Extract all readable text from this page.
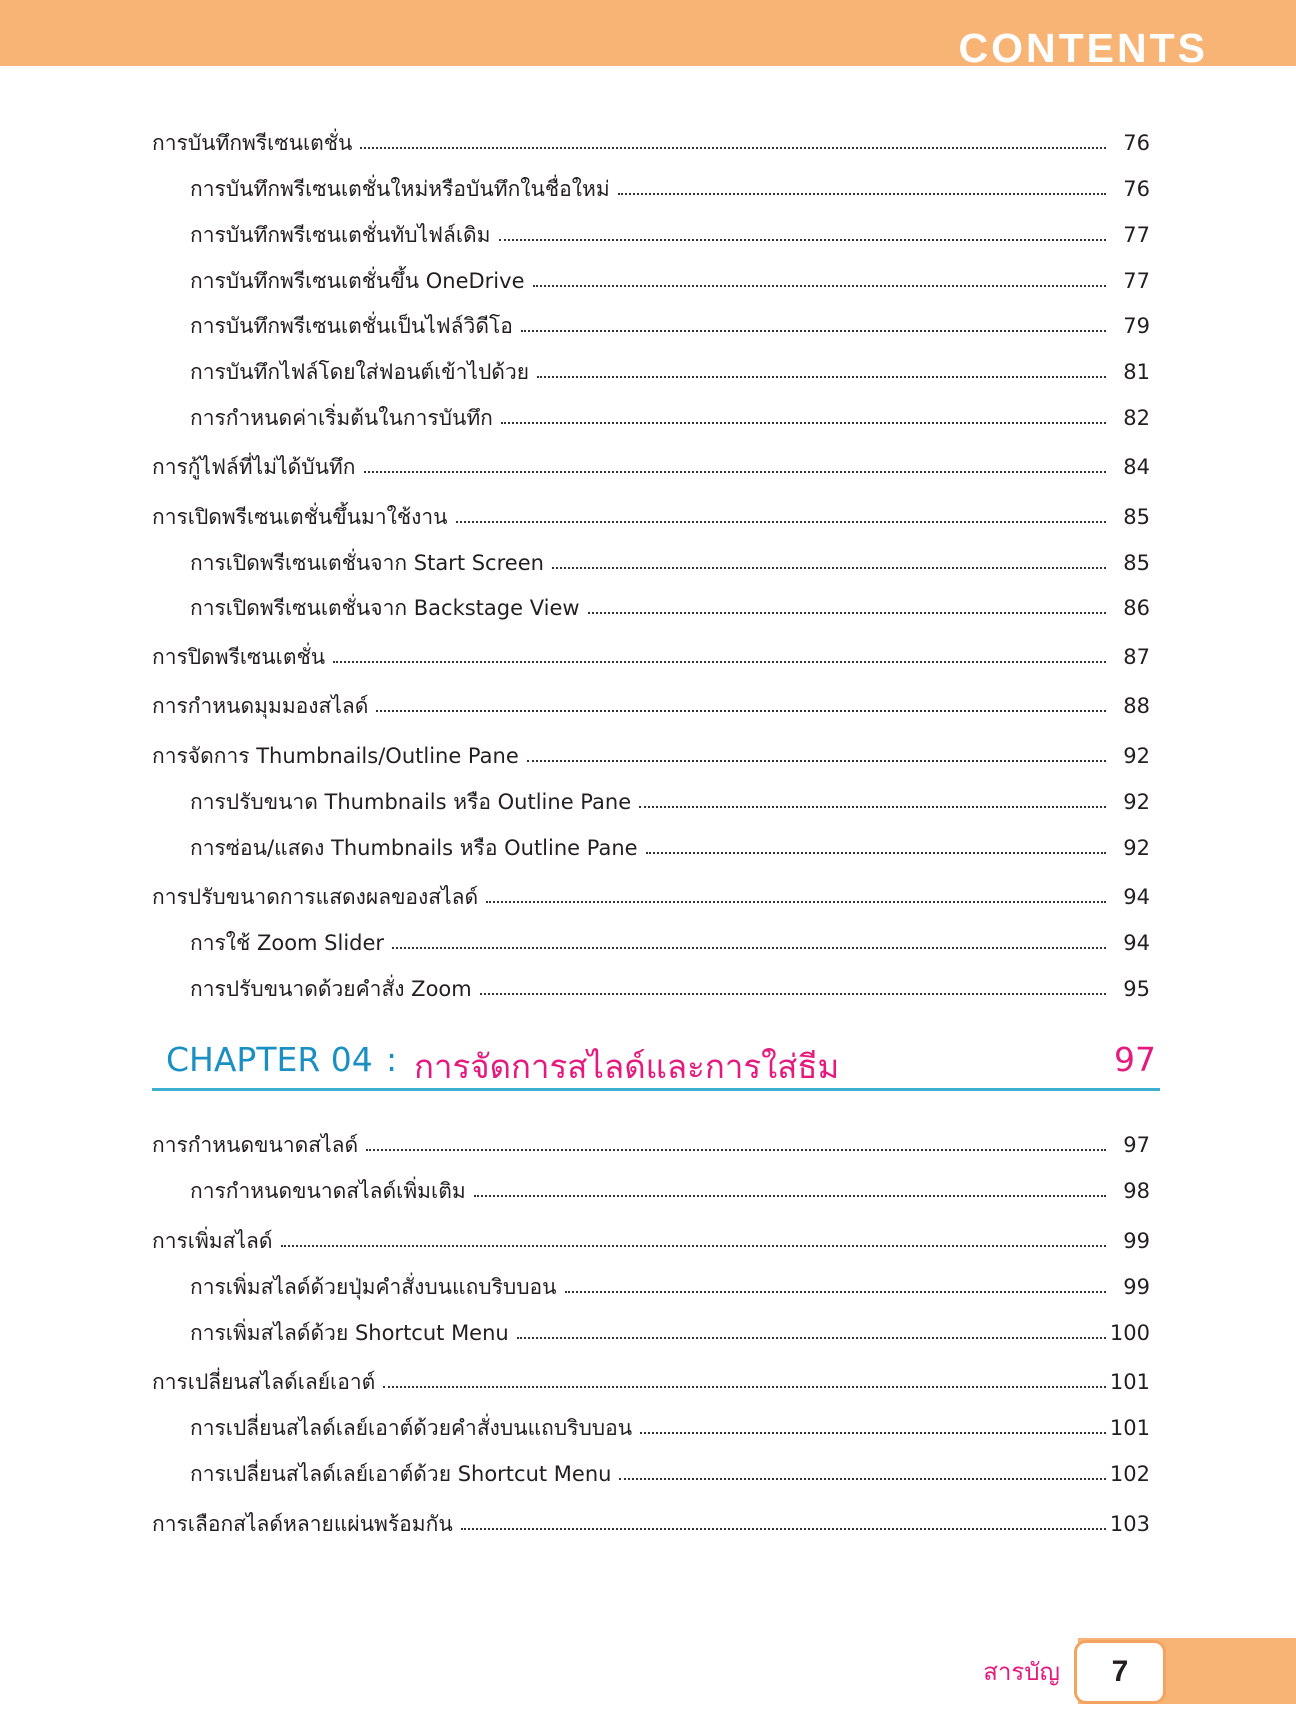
CONTENTS
การบันทึกพรีเซนเตชั่น	76
การบันทึกพรีเซนเตชั่นใหม่หรือบันทึกในชื่อใหม่	76
การบันทึกพรีเซนเตชั่นทับไฟล์เดิม	77
การบันทึกพรีเซนเตชั่นขึ้น OneDrive	77
การบันทึกพรีเซนเตชั่นเป็นไฟล์วิดีโอ	79
การบันทึกไฟล์โดยใส่ฟอนต์เข้าไปด้วย	81
การกำหนดค่าเริ่มต้นในการบันทึก	82
การกู้ไฟล์ที่ไม่ได้บันทึก	84
การเปิดพรีเซนเตชั่นขึ้นมาใช้งาน	85
การเปิดพรีเซนเตชั่นจาก Start Screen	85
การเปิดพรีเซนเตชั่นจาก Backstage View	86
การปิดพรีเซนเตชั่น	87
การกำหนดมุมมองสไลด์	88
การจัดการ Thumbnails/Outline Pane	92
การปรับขนาด Thumbnails หรือ Outline Pane	92
การซ่อน/แสดง Thumbnails หรือ Outline Pane	92
การปรับขนาดการแสดงผลของสไลด์	94
การใช้ Zoom Slider	94
การปรับขนาดด้วยคำสั่ง Zoom	95
CHAPTER 04 : การจัดการสไลด์และการใส่ธีม	97
การกำหนดขนาดสไลด์	97
การกำหนดขนาดสไลด์เพิ่มเติม	98
การเพิ่มสไลด์	99
การเพิ่มสไลด์ด้วยปุ่มคำสั่งบนแถบริบบอน	99
การเพิ่มสไลด์ด้วย Shortcut Menu	100
การเปลี่ยนสไลด์เลย์เอาต์	101
การเปลี่ยนสไลด์เลย์เอาต์ด้วยคำสั่งบนแถบริบบอน	101
การเปลี่ยนสไลด์เลย์เอาต์ด้วย Shortcut Menu	102
การเลือกสไลด์หลายแผ่นพร้อมกัน	103
สารบัญ	7
